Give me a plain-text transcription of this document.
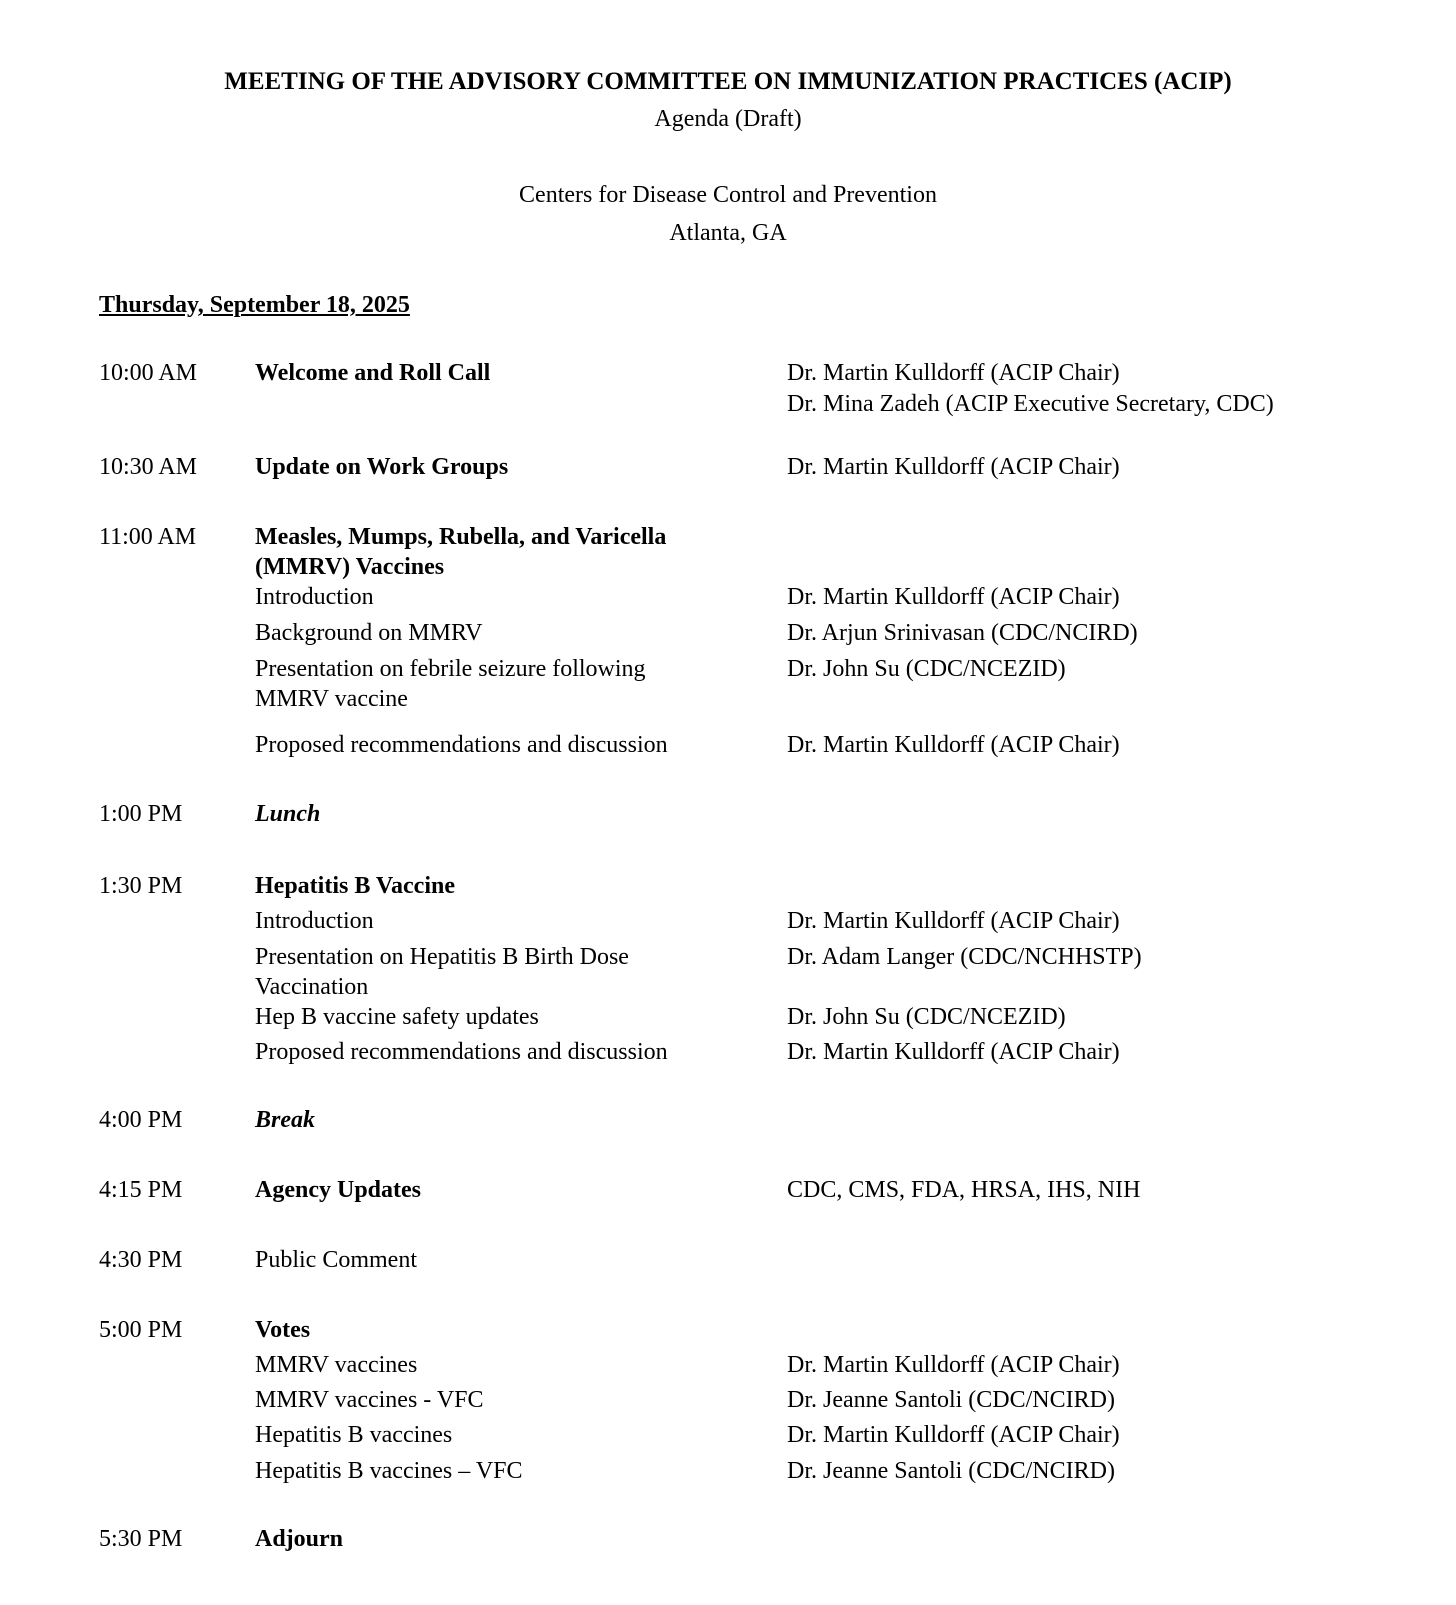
MEETING OF THE ADVISORY COMMITTEE ON IMMUNIZATION PRACTICES (ACIP)
Agenda (Draft)
Centers for Disease Control and Prevention
Atlanta, GA
Thursday, September 18, 2025
10:00 AM Welcome and Roll Call	Dr. Martin Kulldorff (ACIP Chair)
Dr. Mina Zadeh (ACIP Executive Secretary, CDC)
10:30 AM Update on Work Groups	Dr. Martin Kulldorff (ACIP Chair)
11:00 AM Measles, Mumps, Rubella, and Varicella (MMRV) Vaccines
Introduction	Dr. Martin Kulldorff (ACIP Chair)
Background on MMRV	Dr. Arjun Srinivasan (CDC/NCIRD)
Presentation on febrile seizure following MMRV vaccine
Dr. John Su (CDC/NCEZID)
Proposed recommendations and discussion	Dr. Martin Kulldorff (ACIP Chair)
1:00 PM	Lunch
1:30 PM	Hepatitis B Vaccine
Introduction	Dr. Martin Kulldorff (ACIP Chair)
Presentation on Hepatitis B Birth Dose Vaccination
Dr. Adam Langer (CDC/NCHHSTP)
Hep B vaccine safety updates	Dr. John Su (CDC/NCEZID)
Proposed recommendations and discussion	Dr. Martin Kulldorff (ACIP Chair)
4:00 PM	Break
4:15 PM	Agency Updates	CDC, CMS, FDA, HRSA, IHS, NIH
4:30 PM	Public Comment
5:00 PM	Votes
MMRV vaccines	Dr. Martin Kulldorff (ACIP Chair)
MMRV vaccines - VFC	Dr. Jeanne Santoli (CDC/NCIRD)
Hepatitis B vaccines	Dr. Martin Kulldorff (ACIP Chair)
Hepatitis B vaccines – VFC	Dr. Jeanne Santoli (CDC/NCIRD)
5:30 PM	Adjourn
